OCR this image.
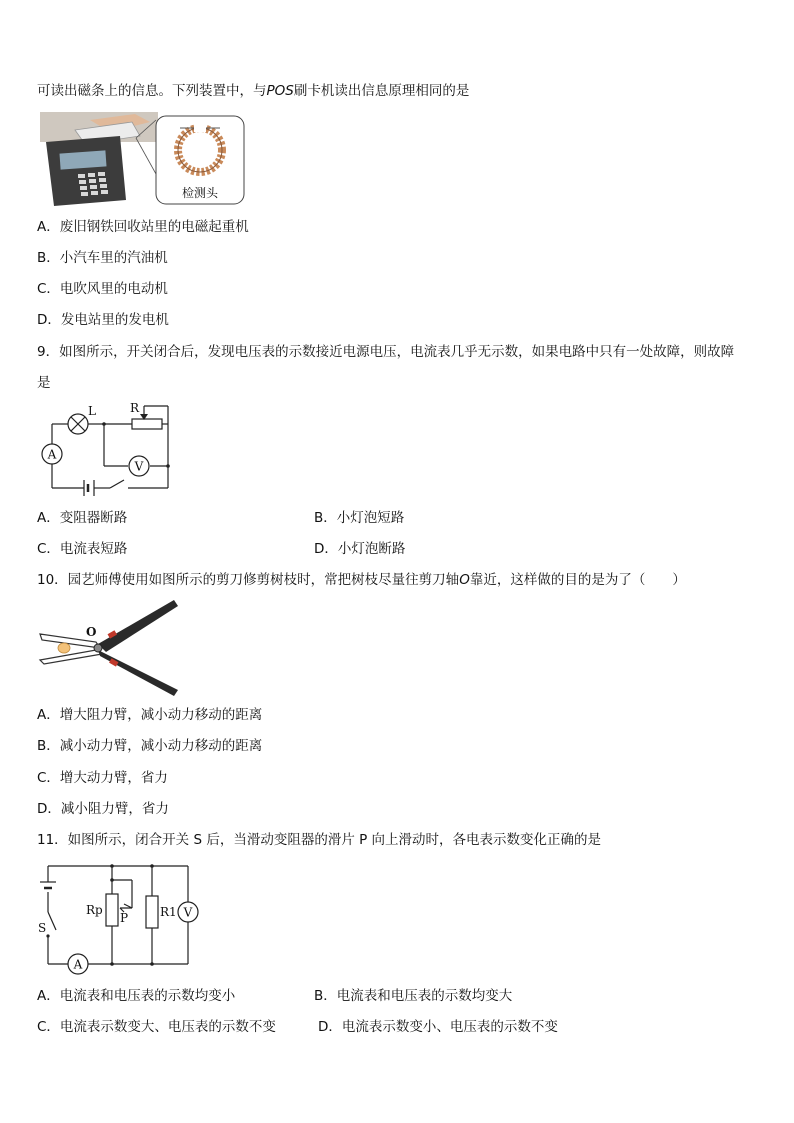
可读出磁条上的信息。下列装置中，与POS刷卡机读出信息原理相同的是
检测头
A．废旧钢铁回收站里的电磁起重机
B．小汽车里的汽油机
C．电吹风里的电动机
D．发电站里的发电机
9．如图所示，开关闭合后，发现电压表的示数接近电源电压，电流表几乎无示数，如果电路中只有一处故障，则故障
是
L	R
A
V
A．变阻器断路	B．小灯泡短路
C．电流表短路	D．小灯泡断路
10．园艺师傅使用如图所示的剪刀修剪树枝时，常把树枝尽量往剪刀轴O靠近，这样做的目的是为了（　　）
O
A．增大阻力臂，减小动力移动的距离
B．减小动力臂，减小动力移动的距离
C．增大动力臂，省力
D．减小阻力臂，省力
11．如图所示，闭合开关 S 后，当滑动变阻器的滑片 P 向上滑动时，各电表示数变化正确的是
S
Rp
P	R1 V
A
A．电流表和电压表的示数均变小	B．电流表和电压表的示数均变大
C．电流表示数变大、电压表的示数不变	D．电流表示数变小、电压表的示数不变
